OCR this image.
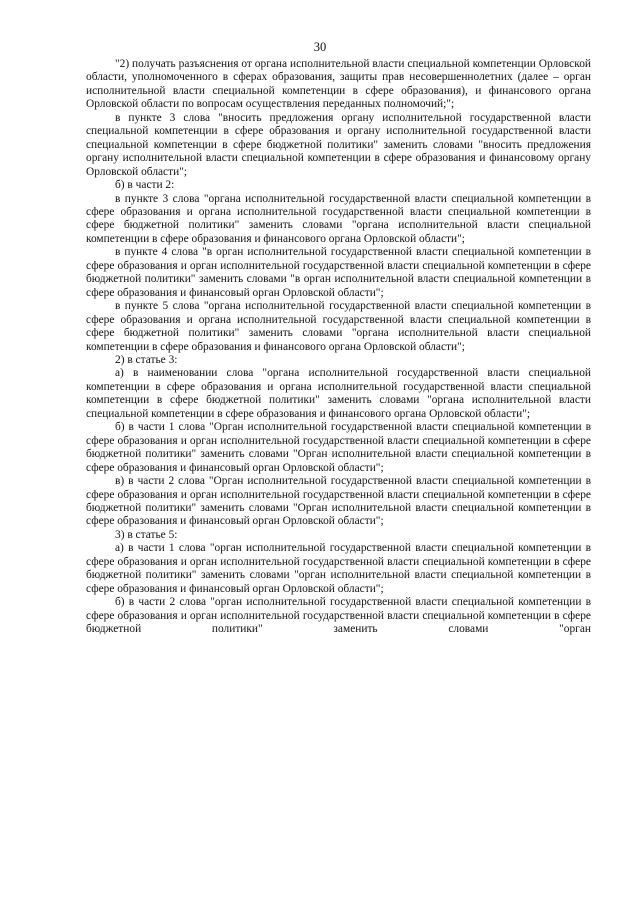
30

"2) получать разъяснения от органа исполнительной власти специальной компетенции Орловской области, уполномоченного в сферах образования, защиты прав несовершеннолетних (далее – орган исполнительной власти специальной компетенции в сфере образования), и финансового органа Орловской области по вопросам осуществления переданных полномочий;";

в пункте 3 слова "вносить предложения органу исполнительной государственной власти специальной компетенции в сфере образования и органу исполнительной государственной власти специальной компетенции в сфере бюджетной политики" заменить словами "вносить предложения органу исполнительной власти специальной компетенции в сфере образования и финансовому органу Орловской области";

б) в части 2:

в пункте 3 слова "органа исполнительной государственной власти специальной компетенции в сфере образования и органа исполнительной государственной власти специальной компетенции в сфере бюджетной политики" заменить словами "органа исполнительной власти специальной компетенции в сфере образования и финансового органа Орловской области";

в пункте 4 слова "в орган исполнительной государственной власти специальной компетенции в сфере образования и орган исполнительной государственной власти специальной компетенции в сфере бюджетной политики" заменить словами "в орган исполнительной власти специальной компетенции в сфере образования и финансовый орган Орловской области";

в пункте 5 слова "органа исполнительной государственной власти специальной компетенции в сфере образования и органа исполнительной государственной власти специальной компетенции в сфере бюджетной политики" заменить словами "органа исполнительной власти специальной компетенции в сфере образования и финансового органа Орловской области";

2) в статье 3:

а) в наименовании слова "органа исполнительной государственной власти специальной компетенции в сфере образования и органа исполнительной государственной власти специальной компетенции в сфере бюджетной политики" заменить словами "органа исполнительной власти специальной компетенции в сфере образования и финансового органа Орловской области";

б) в части 1 слова "Орган исполнительной государственной власти специальной компетенции в сфере образования и орган исполнительной государственной власти специальной компетенции в сфере бюджетной политики" заменить словами "Орган исполнительной власти специальной компетенции в сфере образования и финансовый орган Орловской области";

в) в части 2 слова "Орган исполнительной государственной власти специальной компетенции в сфере образования и орган исполнительной государственной власти специальной компетенции в сфере бюджетной политики" заменить словами "Орган исполнительной власти специальной компетенции в сфере образования и финансовый орган Орловской области";

3) в статье 5:

а) в части 1 слова "орган исполнительной государственной власти специальной компетенции в сфере образования и орган исполнительной государственной власти специальной компетенции в сфере бюджетной политики" заменить словами "орган исполнительной власти специальной компетенции в сфере образования и финансовый орган Орловской области";

б) в части 2 слова "орган исполнительной государственной власти специальной компетенции в сфере образования и орган исполнительной государственной власти специальной компетенции в сфере бюджетной политики" заменить словами "орган
